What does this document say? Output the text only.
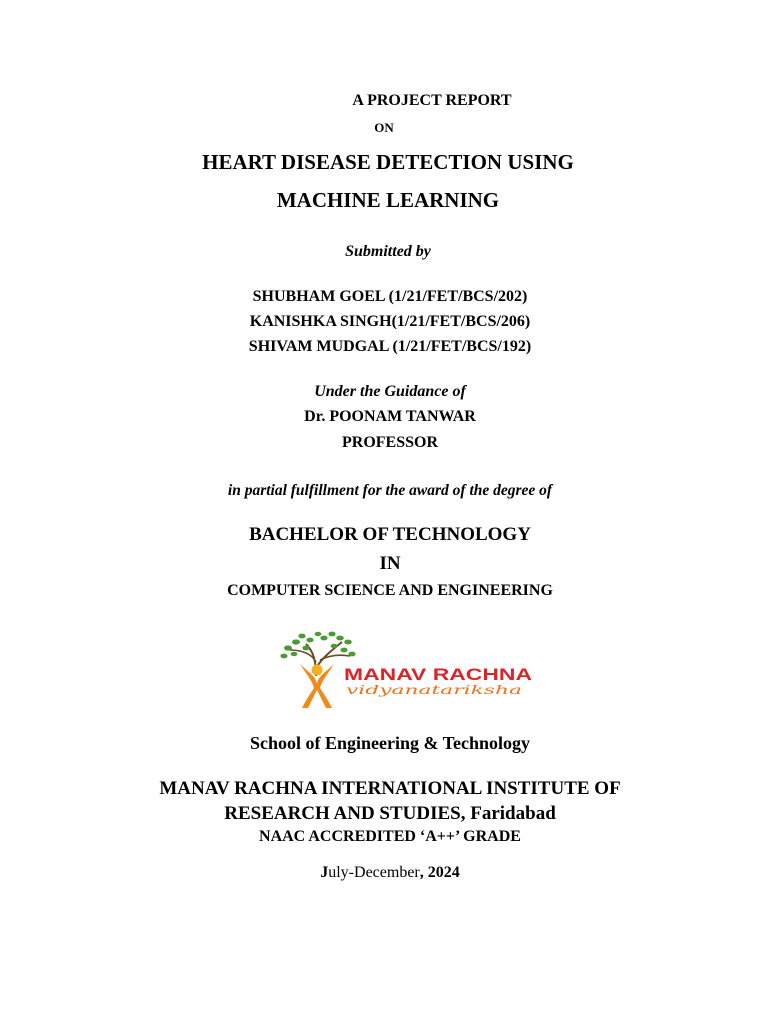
A PROJECT REPORT
ON
HEART DISEASE DETECTION USING
MACHINE LEARNING
Submitted by
SHUBHAM GOEL (1/21/FET/BCS/202)
KANISHKA SINGH(1/21/FET/BCS/206)
SHIVAM MUDGAL (1/21/FET/BCS/192)
Under the Guidance of
Dr. POONAM TANWAR
PROFESSOR
in partial fulfillment for the award of the degree of
BACHELOR OF TECHNOLOGY
IN
COMPUTER SCIENCE AND ENGINEERING
MANAV RACHNA
vidyanatariksha
School of Engineering & Technology
MANAV RACHNA INTERNATIONAL INSTITUTE OF
RESEARCH AND STUDIES, Faridabad
NAAC ACCREDITED ‘A++’ GRADE
July-December, 2024
